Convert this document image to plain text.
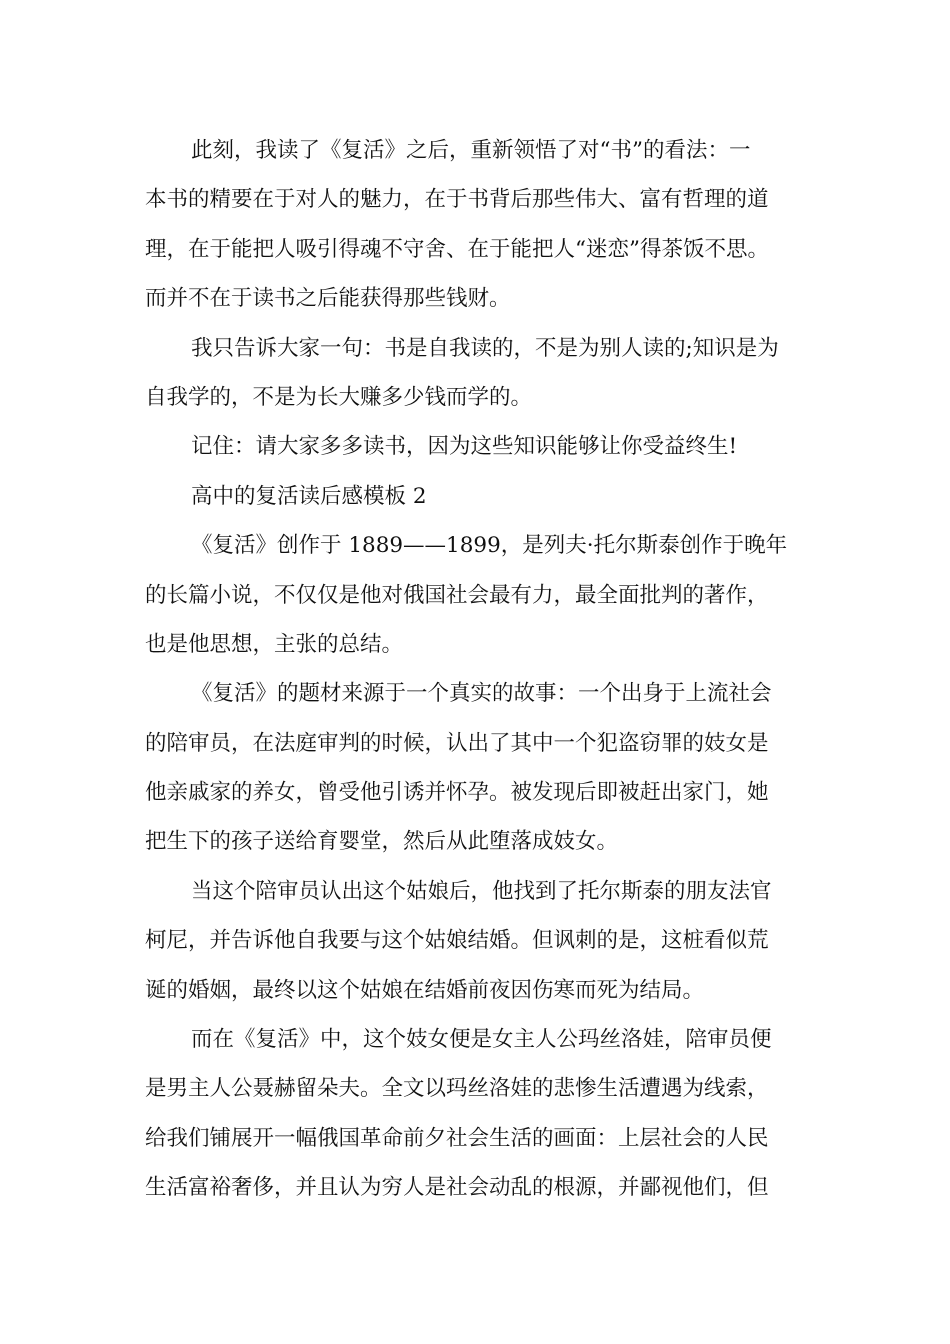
此刻，我读了《复活》之后，重新领悟了对“书”的看法：一
本书的精要在于对人的魅力，在于书背后那些伟大、富有哲理的道
理，在于能把人吸引得魂不守舍、在于能把人“迷恋”得茶饭不思。
而并不在于读书之后能获得那些钱财。
我只告诉大家一句：书是自我读的，不是为别人读的;知识是为
自我学的，不是为长大赚多少钱而学的。
记住：请大家多多读书，因为这些知识能够让你受益终生!
高中的复活读后感模板 2
《复活》创作于 1889——1899，是列夫·托尔斯泰创作于晚年
的长篇小说，不仅仅是他对俄国社会最有力，最全面批判的著作，
也是他思想，主张的总结。
《复活》的题材来源于一个真实的故事：一个出身于上流社会
的陪审员，在法庭审判的时候，认出了其中一个犯盗窃罪的妓女是
他亲戚家的养女，曾受他引诱并怀孕。被发现后即被赶出家门，她
把生下的孩子送给育婴堂，然后从此堕落成妓女。
当这个陪审员认出这个姑娘后，他找到了托尔斯泰的朋友法官
柯尼，并告诉他自我要与这个姑娘结婚。但讽刺的是，这桩看似荒
诞的婚姻，最终以这个姑娘在结婚前夜因伤寒而死为结局。
而在《复活》中，这个妓女便是女主人公玛丝洛娃，陪审员便
是男主人公聂赫留朵夫。全文以玛丝洛娃的悲惨生活遭遇为线索，
给我们铺展开一幅俄国革命前夕社会生活的画面：上层社会的人民
生活富裕奢侈，并且认为穷人是社会动乱的根源，并鄙视他们，但
